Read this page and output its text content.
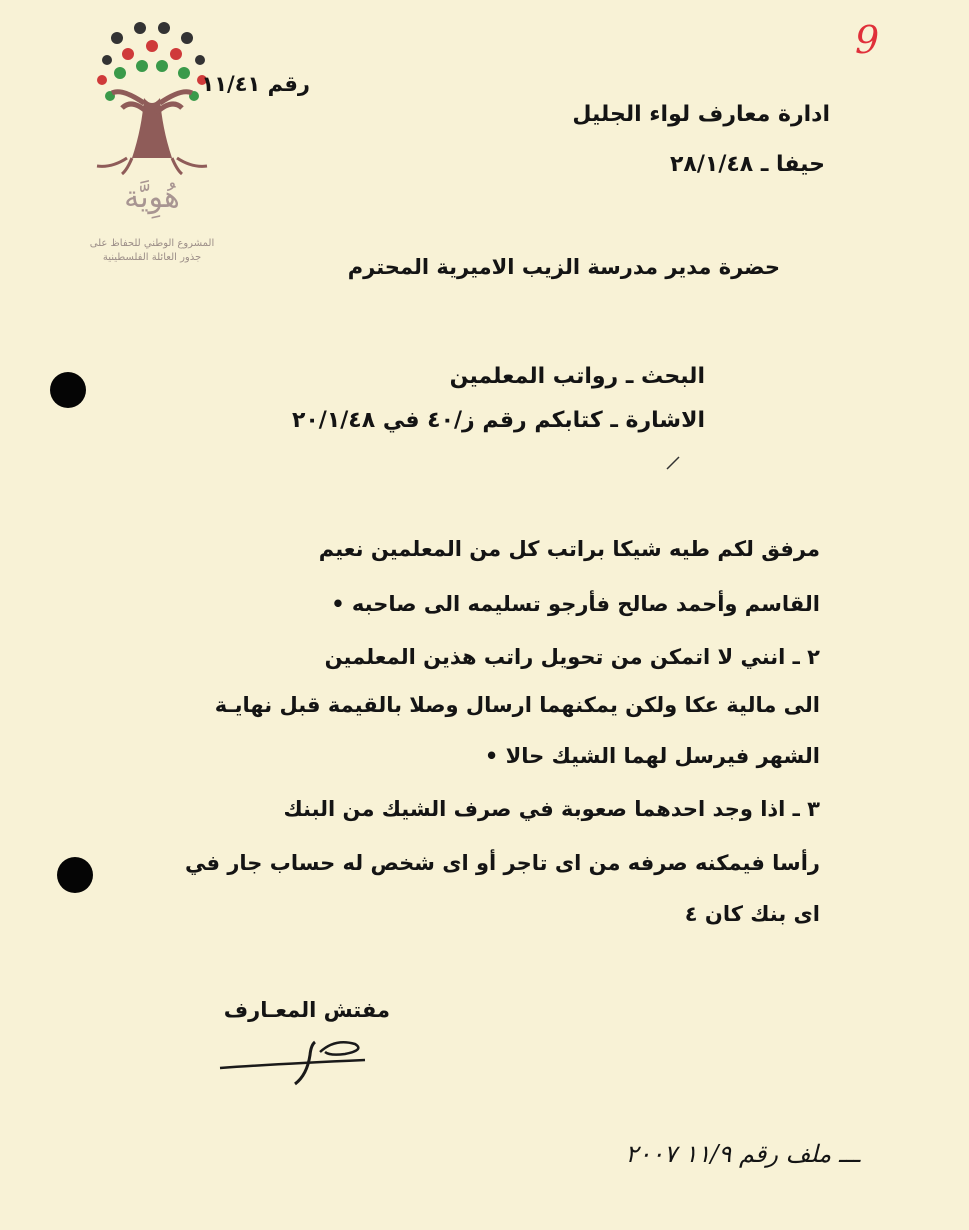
9
هُوِيَّة
المشروع الوطني للحفاظ على
جذور العائلة الفلسطينية
رقم ١١/٤١
ادارة معارف لواء الجليل
حيفا ـ ٢٨/١/٤٨
حضرة مدير مدرسة الزيب الاميرية المحترم
البحث ـ رواتب المعلمين
الاشارة ـ كتابكم رقم ز/٤٠ في ٢٠/١/٤٨
مرفق لكم طيه شيكا براتب كل من المعلمين نعيم
القاسم وأحمد صالح فأرجو تسليمه الى صاحبه •
٢ ـ انني لا اتمكن من تحويل راتب هذين المعلمين
الى مالية عكا ولكن يمكنهما ارسال وصلا بالقيمة قبل نهايـة
الشهر فيرسل لهما الشيك حالا •
٣ ـ اذا وجد احدهما صعوبة في صرف الشيك من البنك
رأسا فيمكنه صرفه من اى تاجر أو اى شخص له حساب جار في
اى بنك كان ٤
مفتش المعـارف
ـــ ملف رقم ١١/٩ ٢٠٠٧
